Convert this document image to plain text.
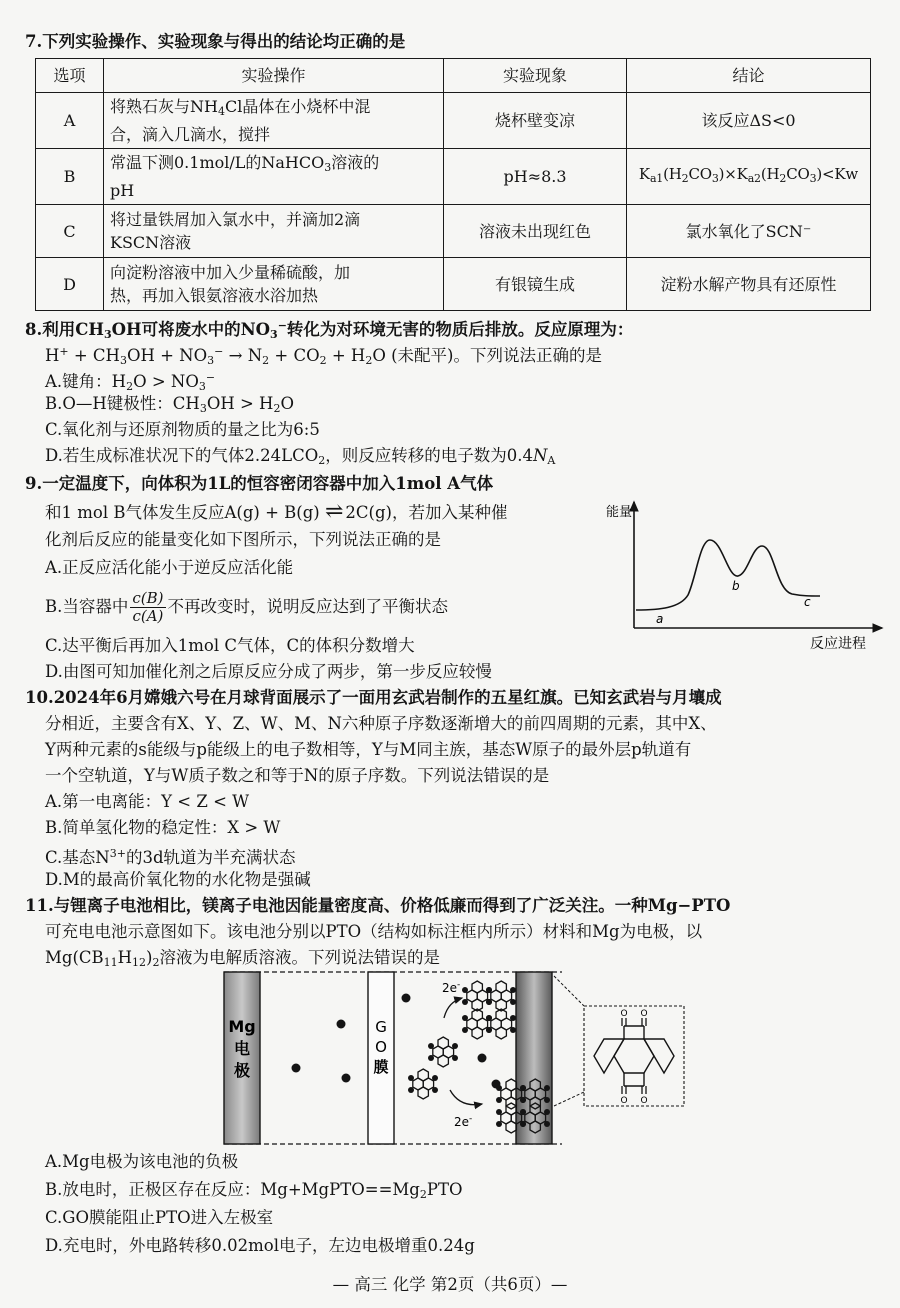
7.下列实验操作、实验现象与得出的结论均正确的是
选项	实验操作	实验现象	结论
A	将熟石灰与$NH_4Cl$晶体在小烧杯中混
合，滴入几滴水，搅拌	烧杯壁变凉	该反应ΔS<0
B	常温下测0.1mol/L的NaHCO$_3$溶液的
pH	pH≈8.3	$K_{a1}(H_2CO_3)\times K_{a2}(H_2CO_3)<Kw$
C	将过量铁屑加入氯水中，并滴加2滴
KSCN溶液	溶液未出现红色	氯水氧化了SCN⁻
D	向淀粉溶液中加入少量稀硫酸，加
热，再加入银氨溶液水浴加热	有银镜生成	淀粉水解产物具有还原性
8.利用$CH_3OH$可将废水中的$NO_3^-$转化为对环境无害的物质后排放。反应原理为：
$H^+ + CH_3OH + NO_3^- \to N_2 + CO_2 + H_2O$ (未配平)。下列说法正确的是
A.键角：$H_2O > NO_3^-$
B.O—H键极性：$CH_3OH > H_2O$
C.氧化剂与还原剂物质的量之比为6:5
D.若生成标准状况下的气体$2.24LCO_2$，则反应转移的电子数为$0.4N_A$
9.一定温度下，向体积为1L的恒容密闭容器中加入1mol A气体
和1 mol B气体发生反应A(g) + B(g) ⇌2C(g)，若加入某种催
化剂后反应的能量变化如下图所示，下列说法正确的是
A.正反应活化能小于逆反应活化能
B.当容器中 $\frac{c(B)}{c(A)}$ 不再改变时，说明反应达到了平衡状态
C.达平衡后再加入1mol C气体，C的体积分数增大
D.由图可知加催化剂之后原反应分成了两步，第一步反应较慢
能量
反应进程
a
b
c
10.2024年6月嫦娥六号在月球背面展示了一面用玄武岩制作的五星红旗。已知玄武岩与月壤成
分相近，主要含有X、Y、Z、W、M、N六种原子序数逐渐增大的前四周期的元素，其中X、
Y两种元素的s能级与p能级上的电子数相等，Y与M同主族，基态W原子的最外层p轨道有
一个空轨道，Y与W质子数之和等于N的原子序数。下列说法错误的是
A.第一电离能：Y < Z < W
B.简单氢化物的稳定性：X > W
C.基态$N^{3+}$的3d轨道为半充满状态
D.M的最高价氧化物的水化物是强碱
11.与锂离子电池相比，镁离子电池因能量密度高、价格低廉而得到了广泛关注。一种Mg−PTO
可充电电池示意图如下。该电池分别以PTO（结构如标注框内所示）材料和Mg为电极，以
$Mg(CB_{11}H_{12})_2$溶液为电解质溶液。下列说法错误的是
Mg
电
极
G
O
膜
2e-
2e-
O O
O O
A.Mg电极为该电池的负极
B.放电时，正极区存在反应：$Mg+MgPTO==Mg_2PTO$
C.GO膜能阻止PTO进入左极室
D.充电时，外电路转移0.02mol电子，左边电极增重0.24g
— 高三 化学 第2页（共6页）—
